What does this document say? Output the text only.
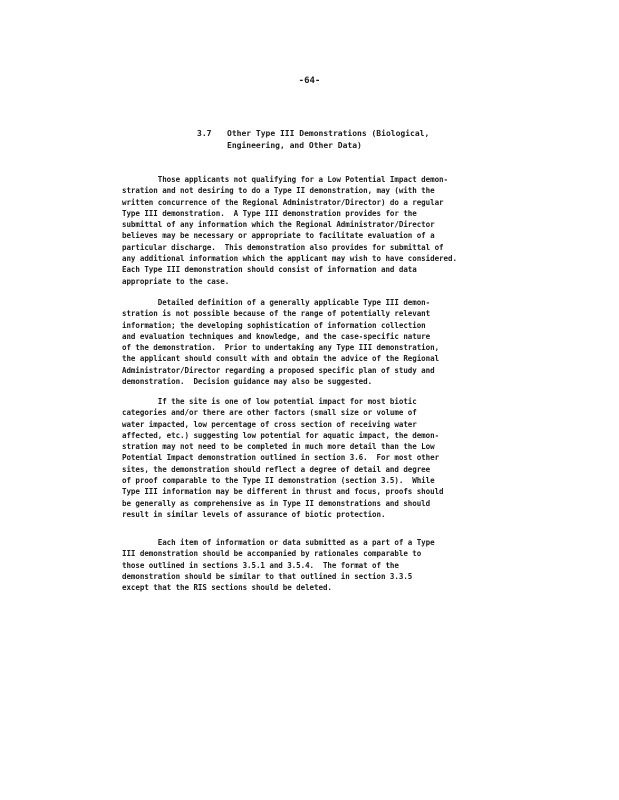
-64-
3.7 Other Type III Demonstrations (Biological,
Engineering, and Other Data)
Those applicants not qualifying for a Low Potential Impact demon-
stration and not desiring to do a Type II demonstration, may (with the
written concurrence of the Regional Administrator/Director) do a regular
Type III demonstration.  A Type III demonstration provides for the
submittal of any information which the Regional Administrator/Director
believes may be necessary or appropriate to facilitate evaluation of a
particular discharge.  This demonstration also provides for submittal of
any additional information which the applicant may wish to have considered.
Each Type III demonstration should consist of information and data
appropriate to the case.
Detailed definition of a generally applicable Type III demon-
stration is not possible because of the range of potentially relevant
information; the developing sophistication of information collection
and evaluation techniques and knowledge, and the case-specific nature
of the demonstration.  Prior to undertaking any Type III demonstration,
the applicant should consult with and obtain the advice of the Regional
Administrator/Director regarding a proposed specific plan of study and
demonstration.  Decision guidance may also be suggested.
If the site is one of low potential impact for most biotic
categories and/or there are other factors (small size or volume of
water impacted, low percentage of cross section of receiving water
affected, etc.) suggesting low potential for aquatic impact, the demon-
stration may not need to be completed in much more detail than the Low
Potential Impact demonstration outlined in section 3.6.  For most other
sites, the demonstration should reflect a degree of detail and degree
of proof comparable to the Type II demonstration (section 3.5).  While
Type III information may be different in thrust and focus, proofs should
be generally as comprehensive as in Type II demonstrations and should
result in similar levels of assurance of biotic protection.
Each item of information or data submitted as a part of a Type
III demonstration should be accompanied by rationales comparable to
those outlined in sections 3.5.1 and 3.5.4.  The format of the
demonstration should be similar to that outlined in section 3.3.5
except that the RIS sections should be deleted.
